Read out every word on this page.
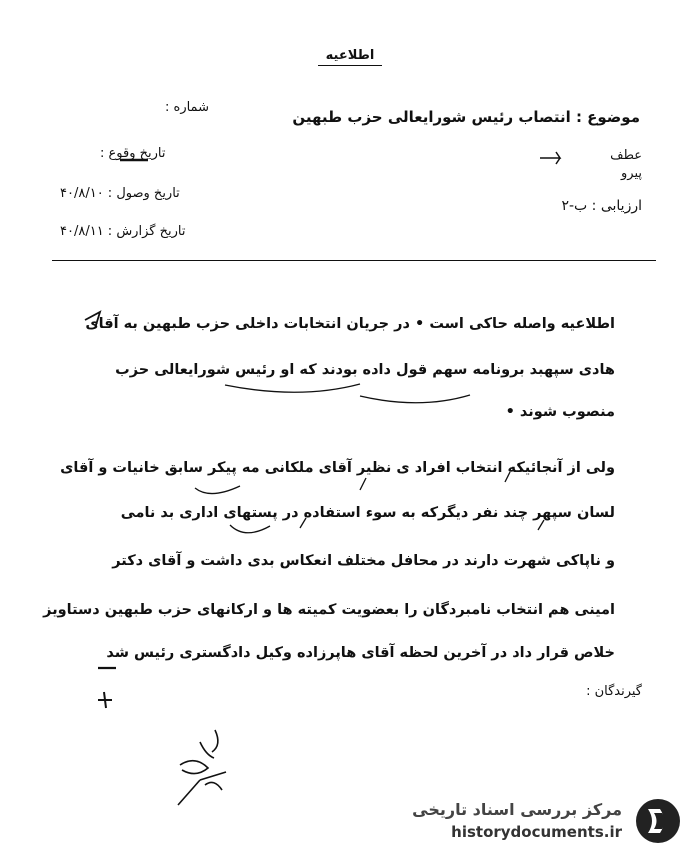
اطلاعیه
موضوع : انتصاب رئیس شورایعالی حزب طبهین
عطف
پیرو
ارزیابی : ب-۲
شماره :
تاریخ وقوع :
تاریخ وصول : ۴۰/۸/۱۰
تاریخ گزارش : ۴۰/۸/۱۱
اطلاعیه واصله حاکی است • در جریان انتخابات داخلی حزب طبهین به آقای
هادی سپهبد برونامه سهم قول داده بودند که او رئیس شورایعالی حزب
منصوب شوند •
ولی از آنجائیکه انتخاب افراد ی نظیر آقای ملکانی مه پیکر سابق خانیات و آقای
لسان سپهر چند نفر دیگرکه به سوء استفاده در پستهای اداری بد نامی
و ناپاکی شهرت دارند در محافل مختلف انعکاس بدی داشت و آقای دکتر
امینی هم انتخاب نامبردگان را بعضویت کمیته ها و ارکانهای حزب طبهین دستاویز
خلاص قرار داد در آخرین لحظه آقای هاپرزاده وکیل دادگستری رئیس شد
گیرندگان :
مرکز بررسی اسناد تاریخی
historydocuments.ir
